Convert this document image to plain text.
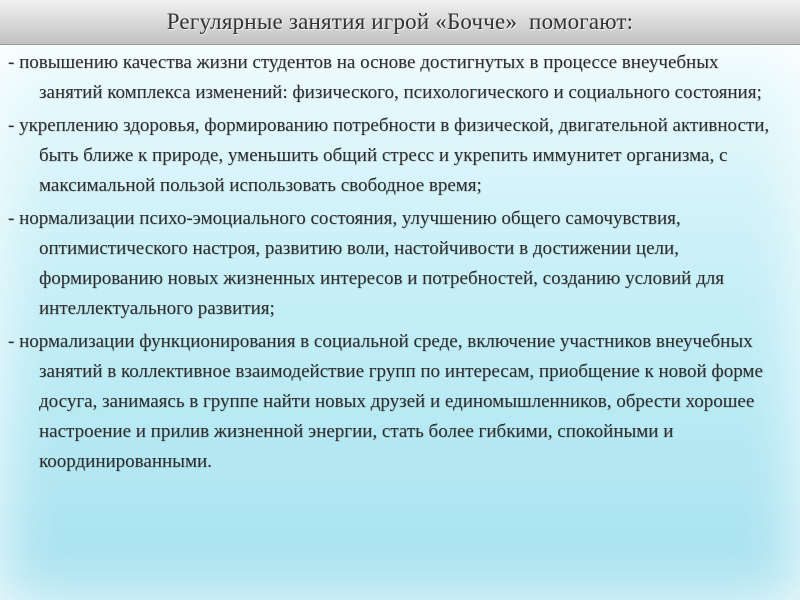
Регулярные занятия игрой «Бочче»  помогают:

- повышению качества жизни студентов на основе достигнутых в процессе внеучебных занятий комплекса изменений: физического, психологического и социального состояния;

- укреплению здоровья, формированию потребности в физической, двигательной активности, быть ближе к природе, уменьшить общий стресс и укрепить иммунитет организма, с максимальной пользой использовать свободное время;

- нормализации психо-эмоциального состояния, улучшению общего самочувствия, оптимистического настроя, развитию воли, настойчивости в достижении цели, формированию новых жизненных интересов и потребностей, созданию условий для интеллектуального развития;

- нормализации функционирования в социальной среде, включение участников внеучебных занятий в коллективное взаимодействие групп по интересам, приобщение к новой форме досуга, занимаясь в группе найти новых друзей и единомышленников, обрести хорошее настроение и прилив жизненной энергии, стать более гибкими, спокойными и координированными.
